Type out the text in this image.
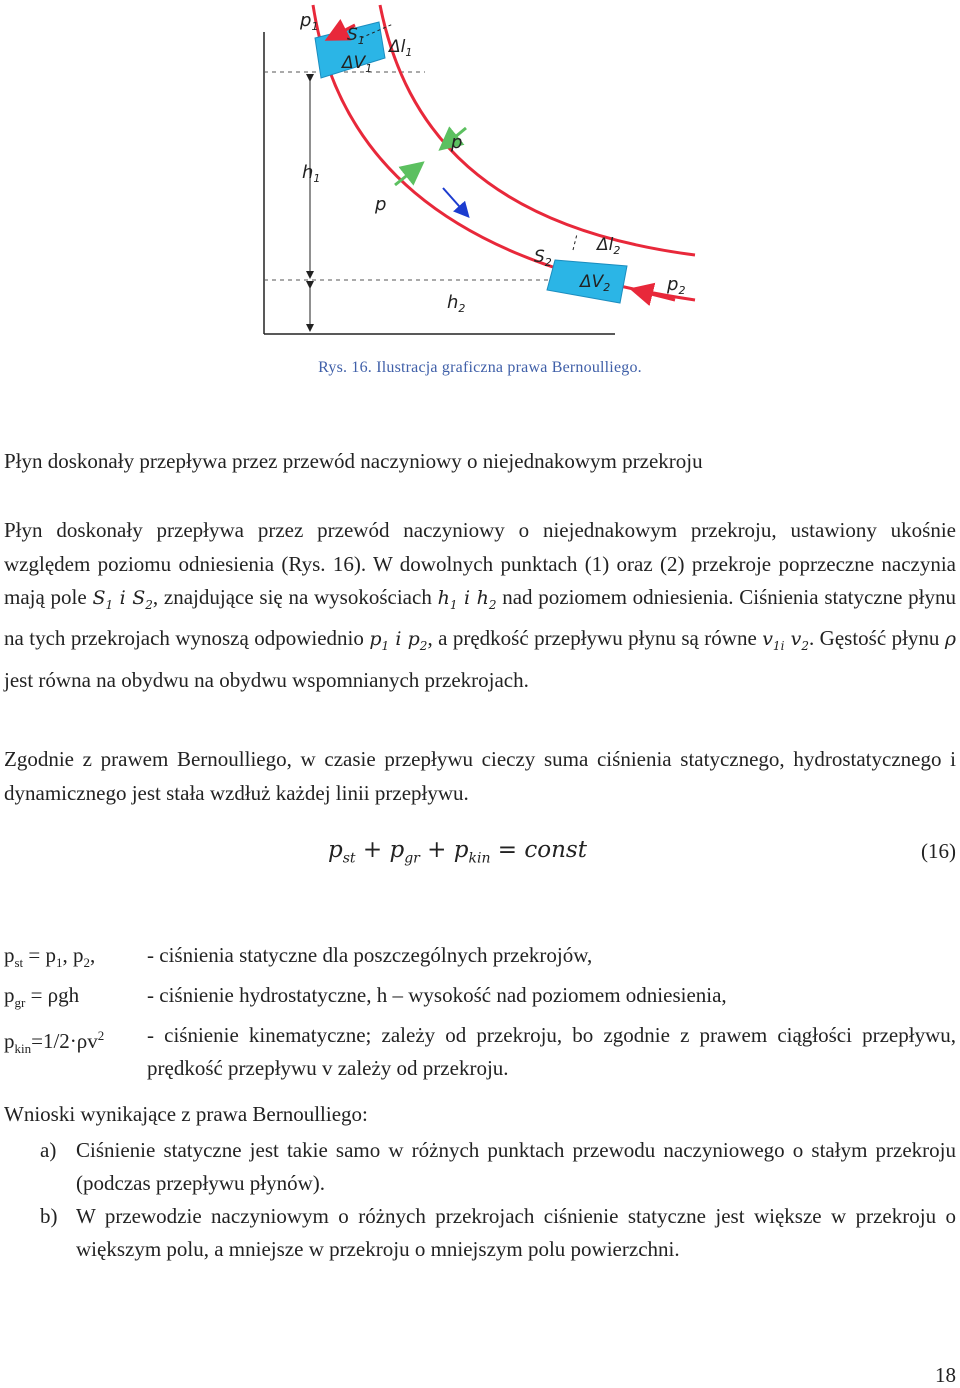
$p_1$ $S_1$ $\Delta l_1$
$\Delta V_1$
$h_1$
p
p
$S_2$
$\Delta l_2$
$\Delta V_2$	$p_2$
$h_2$
Rys. 16. Ilustracja graficzna prawa Bernoulliego.
Płyn doskonały przepływa przez przewód naczyniowy o niejednakowym przekroju

Płyn doskonały przepływa przez przewód naczyniowy o niejednakowym przekroju, ustawiony ukośnie względem poziomu odniesienia (Rys. 16). W dowolnych punktach (1) oraz (2) przekroje poprzeczne naczynia mają pole $S_1$ i $S_2$, znajdujące się na wysokościach $h_1$ i $h_2$ nad poziomem odniesienia. Ciśnienia statyczne płynu na tych przekrojach wynoszą odpowiednio $p_1$ i $p_2$, a prędkość przepływu płynu są równe $v_{1i}$ $v_2$. Gęstość płynu ρ jest równa na obydwu na obydwu wspomnianych przekrojach.

Zgodnie z prawem Bernoulliego, w czasie przepływu cieczy suma ciśnienia statycznego, hydrostatycznego i dynamicznego jest stała wzdłuż każdej linii przepływu.

$p_{st} + p_{gr} + p_{kin}$ = const	(16)
$p_{st} = p_1$, $p_2$,	- ciśnienia statyczne dla poszczególnych przekrojów,
$p_{gr} = \rho gh$	- ciśnienie hydrostatyczne, h – wysokość nad poziomem odniesienia,
$p_{kin}=1/2\cdot\rho v^2$	- ciśnienie kinematyczne; zależy od przekroju, bo zgodnie z prawem ciągłości przepływu, prędkość przepływu v zależy od przekroju.
Wnioski wynikające z prawa Bernoulliego:
a) Ciśnienie statyczne jest takie samo w różnych punktach przewodu naczyniowego o stałym przekroju (podczas przepływu płynów).
b) W przewodzie naczyniowym o różnych przekrojach ciśnienie statyczne jest większe w przekroju o większym polu, a mniejsze w przekroju o mniejszym polu powierzchni.
18
